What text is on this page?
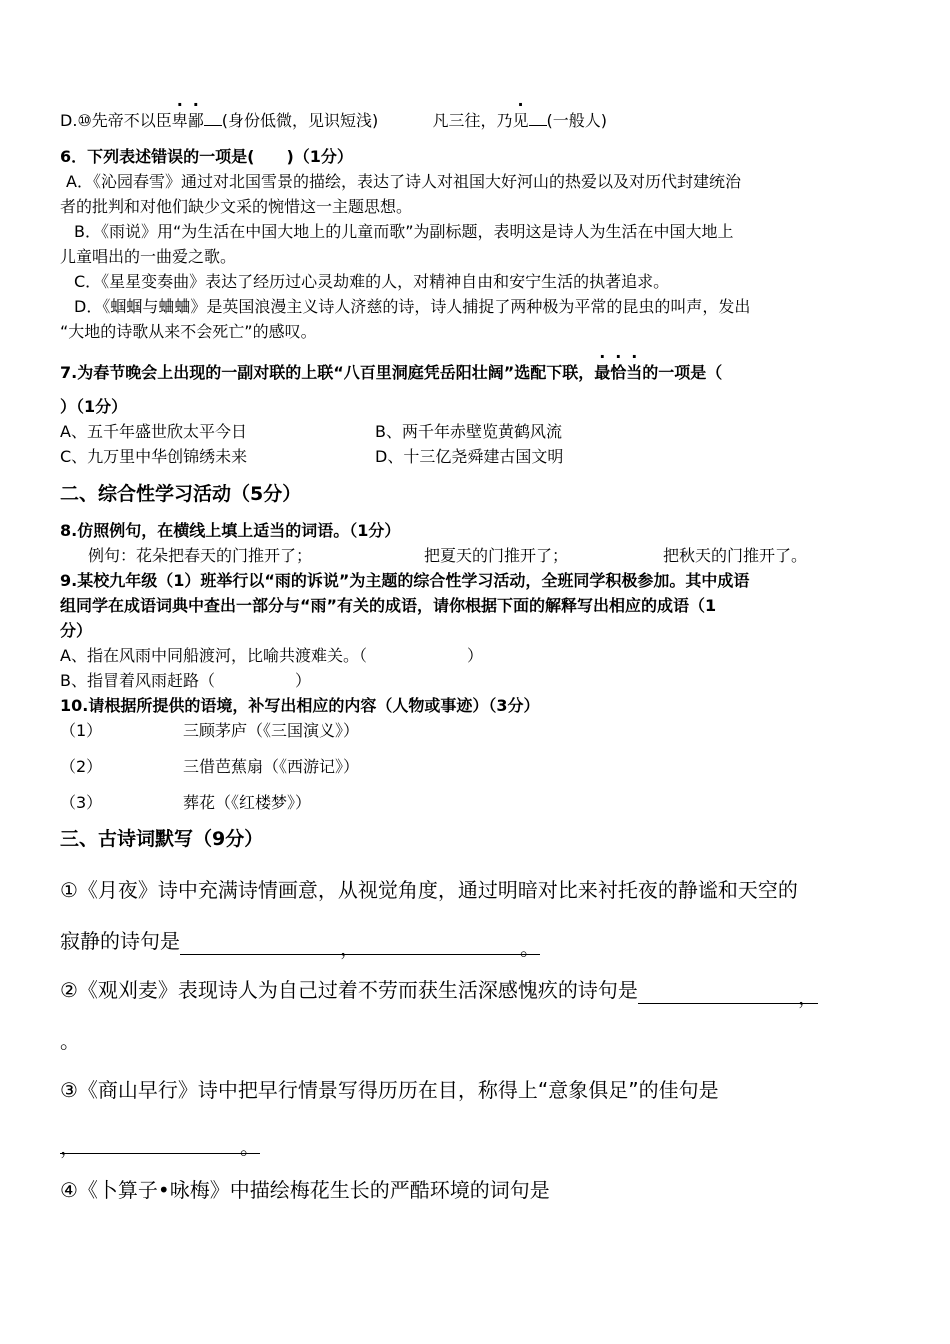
D.⑩先帝不以臣卑鄙 (身份低微，见识短浅)	凡三往，乃见 (一般人)
6．下列表述错误的一项是(　　)（1分）
A．《沁园春雪》通过对北国雪景的描绘，表达了诗人对祖国大好河山的热爱以及对历代封建统治
者的批判和对他们缺少文采的惋惜这一主题思想。
B．《雨说》用“为生活在中国大地上的儿童而歌”为副标题，表明这是诗人为生活在中国大地上
儿童唱出的一曲爱之歌。
C．《星星变奏曲》表达了经历过心灵劫难的人，对精神自由和安宁生活的执著追求。
D．《蝈蝈与蛐蛐》是英国浪漫主义诗人济慈的诗，诗人捕捉了两种极为平常的昆虫的叫声，发出
“大地的诗歌从来不会死亡”的感叹。
7.为春节晚会上出现的一副对联的上联“八百里洞庭凭岳阳壮阔”选配下联，最恰当的一项是（
）（1分）
A、五千年盛世欣太平今日	B、两千年赤壁览黄鹤风流
C、九万里中华创锦绣未来	D、十三亿尧舜建古国文明
二、综合性学习活动（5分）
8.仿照例句，在横线上填上适当的词语。（1分）
例句：花朵把春天的门推开了；	把夏天的门推开了；	把秋天的门推开了。
9.某校九年级（1）班举行以“雨的诉说”为主题的综合性学习活动，全班同学积极参加。其中成语
组同学在成语词典中查出一部分与“雨”有关的成语，请你根据下面的解释写出相应的成语（1
分）
A、指在风雨中同船渡河，比喻共渡难关。（	）
B、指冒着风雨赶路（	）
10.请根据所提供的语境，补写出相应的内容（人物或事迹）（3分）
（1）	三顾茅庐（《三国演义》）
（2）	三借芭蕉扇（《西游记》）
（3）	葬花（《红楼梦》）
三、古诗词默写（9分）
①《月夜》诗中充满诗情画意，从视觉角度，通过明暗对比来衬托夜的静谧和天空的
寂静的诗句是	，	。
②《观刈麦》表现诗人为自己过着不劳而获生活深感愧疚的诗句是	，
。
③《商山早行》诗中把早行情景写得历历在目，称得上“意象俱足”的佳句是
，	。
④《卜算子•咏梅》中描绘梅花生长的严酷环境的词句是
